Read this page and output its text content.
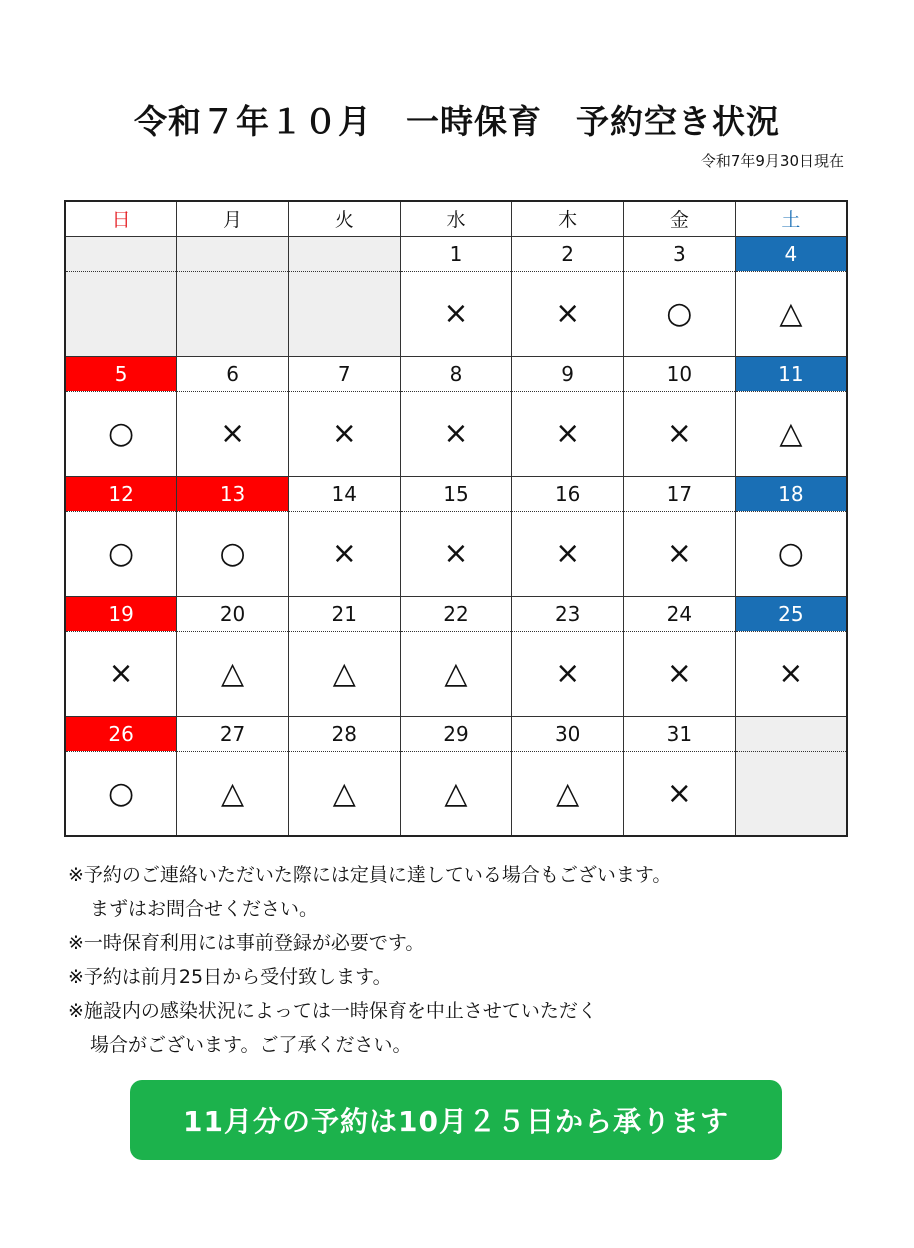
令和７年１０月　一時保育　予約空き状況
令和7年9月30日現在
日	月	火	水	木	金	土
			1	2	3	4
			×	×	○	△
5	6	7	8	9	10	11
○	×	×	×	×	×	△
12	13	14	15	16	17	18
○	○	×	×	×	×	○
19	20	21	22	23	24	25
×	△	△	△	×	×	×
26	27	28	29	30	31	
○	△	△	△	△	×	
※予約のご連絡いただいた際には定員に達している場合もございます。
まずはお問合せください。
※一時保育利用には事前登録が必要です。
※予約は前月25日から受付致します。
※施設内の感染状況によっては一時保育を中止させていただく
場合がございます。ご了承ください。
11月分の予約は10月２５日から承ります
